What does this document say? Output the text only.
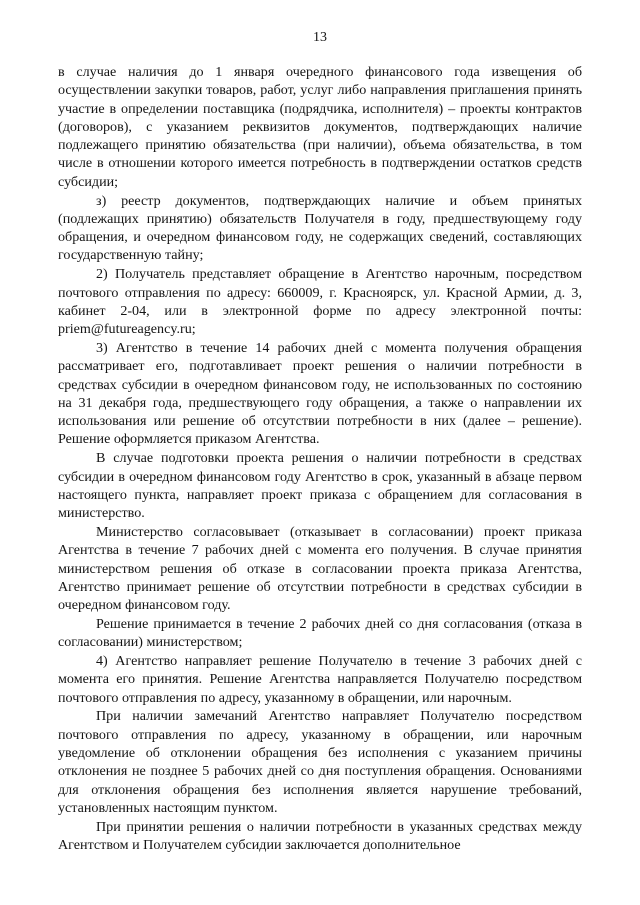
13

в случае наличия до 1 января очередного финансового года извещения об осуществлении закупки товаров, работ, услуг либо направления приглашения принять участие в определении поставщика (подрядчика, исполнителя) – проекты контрактов (договоров), с указанием реквизитов документов, подтверждающих наличие подлежащего принятию обязательства (при наличии), объема обязательства, в том числе в отношении которого имеется потребность в подтверждении остатков средств субсидии;

з) реестр документов, подтверждающих наличие и объем принятых (подлежащих принятию) обязательств Получателя в году, предшествующему году обращения, и очередном финансовом году, не содержащих сведений, составляющих государственную тайну;

2) Получатель представляет обращение в Агентство нарочным, посредством почтового отправления по адресу: 660009, г. Красноярск, ул. Красной Армии, д. 3, кабинет 2-04, или в электронной форме по адресу электронной почты: priem@futureagency.ru;

3) Агентство в течение 14 рабочих дней с момента получения обращения рассматривает его, подготавливает проект решения о наличии потребности в средствах субсидии в очередном финансовом году, не использованных по состоянию на 31 декабря года, предшествующего году обращения, а также о направлении их использования или решение об отсутствии потребности в них (далее – решение). Решение оформляется приказом Агентства.

В случае подготовки проекта решения о наличии потребности в средствах субсидии в очередном финансовом году Агентство в срок, указанный в абзаце первом настоящего пункта, направляет проект приказа с обращением для согласования в министерство.

Министерство согласовывает (отказывает в согласовании) проект приказа Агентства в течение 7 рабочих дней с момента его получения. В случае принятия министерством решения об отказе в согласовании проекта приказа Агентства, Агентство принимает решение об отсутствии потребности в средствах субсидии в очередном финансовом году.

Решение принимается в течение 2 рабочих дней со дня согласования (отказа в согласовании) министерством;

4) Агентство направляет решение Получателю в течение 3 рабочих дней с момента его принятия. Решение Агентства направляется Получателю посредством почтового отправления по адресу, указанному в обращении, или нарочным.

При наличии замечаний Агентство направляет Получателю посредством почтового отправления по адресу, указанному в обращении, или нарочным уведомление об отклонении обращения без исполнения с указанием причины отклонения не позднее 5 рабочих дней со дня поступления обращения. Основаниями для отклонения обращения без исполнения является нарушение требований, установленных настоящим пунктом.

При принятии решения о наличии потребности в указанных средствах между Агентством и Получателем субсидии заключается дополнительное
